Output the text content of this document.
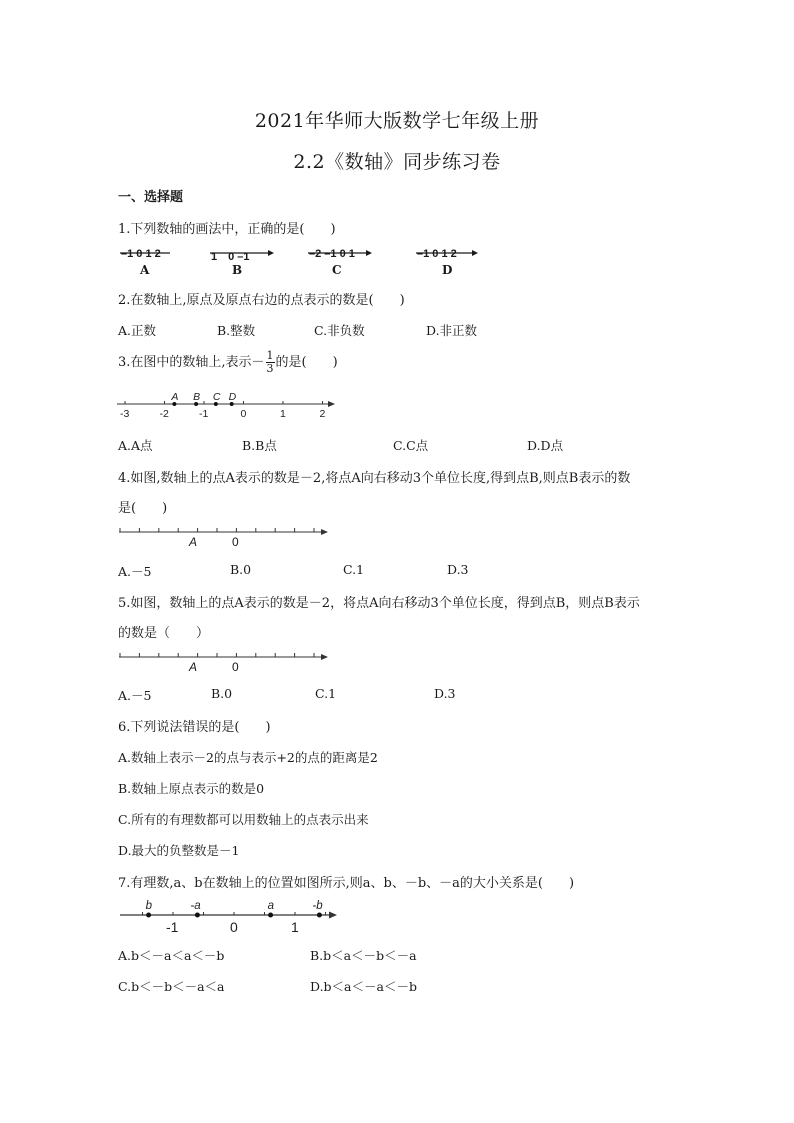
2021年华师大版数学七年级上册
2.2《数轴》同步练习卷
一、选择题
1.下列数轴的画法中，正确的是(　　)
–1 0 1 2
A
1　0 –1
B
–2 –1 0 1
C
–1 0 1 2
D
2.在数轴上,原点及原点右边的点表示的数是(　　)
A.正数	B.整数	C.非负数	D.非正数
3.在图中的数轴上,表示－ $\frac{1}{3}$ 的是(　　)
-3	-2	-1	0	1	2
A B C D
A.A点	B.B点	C.C点	D.D点
4.如图,数轴上的点A表示的数是－2,将点A向右移动3个单位长度,得到点B,则点B表示的数
是(　　)
A	0
A.－5	B.0	C.1	D.3
5.如图，数轴上的点A表示的数是－2，将点A向右移动3个单位长度，得到点B，则点B表示
的数是（　　）
A	0
A.－5	B.0	C.1	D.3
6.下列说法错误的是(　　)
A.数轴上表示－2的点与表示+2的点的距离是2
B.数轴上原点表示的数是0
C.所有的有理数都可以用数轴上的点表示出来
D.最大的负整数是－1
7.有理数,a、b在数轴上的位置如图所示,则a、b、－b、－a的大小关系是(　　)
-1	0	1
b	-a	a	-b
A.b＜－a＜a＜－b	B.b＜a＜－b＜－a
C.b＜－b＜－a＜a	D.b＜a＜－a＜－b
